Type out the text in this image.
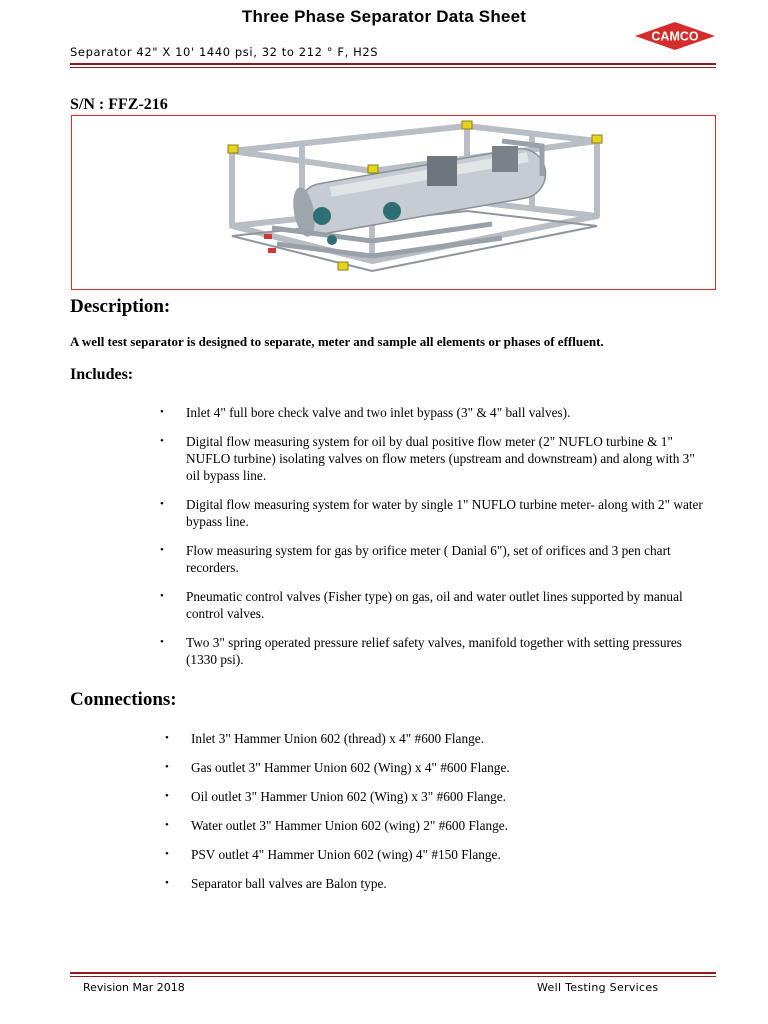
Three Phase Separator Data Sheet
CAMCO
Separator 42" X 10' 1440 psi, 32 to 212 ° F, H2S
S/N : FFZ-216
Description:
A well test separator is designed to separate, meter and sample all elements or phases of effluent.
Includes:
• Inlet 4" full bore check valve and two inlet bypass (3" & 4" ball valves).
• Digital flow measuring system for oil by dual positive flow meter (2" NUFLO turbine & 1" NUFLO turbine) isolating valves on flow meters (upstream and downstream) and along with 3" oil bypass line.
• Digital flow measuring system for water by single 1" NUFLO turbine meter- along with 2" water bypass line.
• Flow measuring system for gas by orifice meter ( Danial 6"), set of orifices and 3 pen chart recorders.
• Pneumatic control valves (Fisher type) on gas, oil and water outlet lines supported by manual control valves.
• Two 3" spring operated pressure relief safety valves, manifold together with setting pressures (1330 psi).
Connections:
• Inlet 3" Hammer Union 602 (thread) x 4" #600 Flange.
• Gas outlet 3" Hammer Union 602 (Wing) x 4" #600 Flange.
• Oil outlet 3" Hammer Union 602 (Wing) x 3" #600 Flange.
• Water outlet 3" Hammer Union 602 (wing) 2" #600 Flange.
• PSV outlet 4" Hammer Union 602 (wing) 4" #150 Flange.
• Separator ball valves are Balon type.
Revision Mar 2018	Well Testing Services
